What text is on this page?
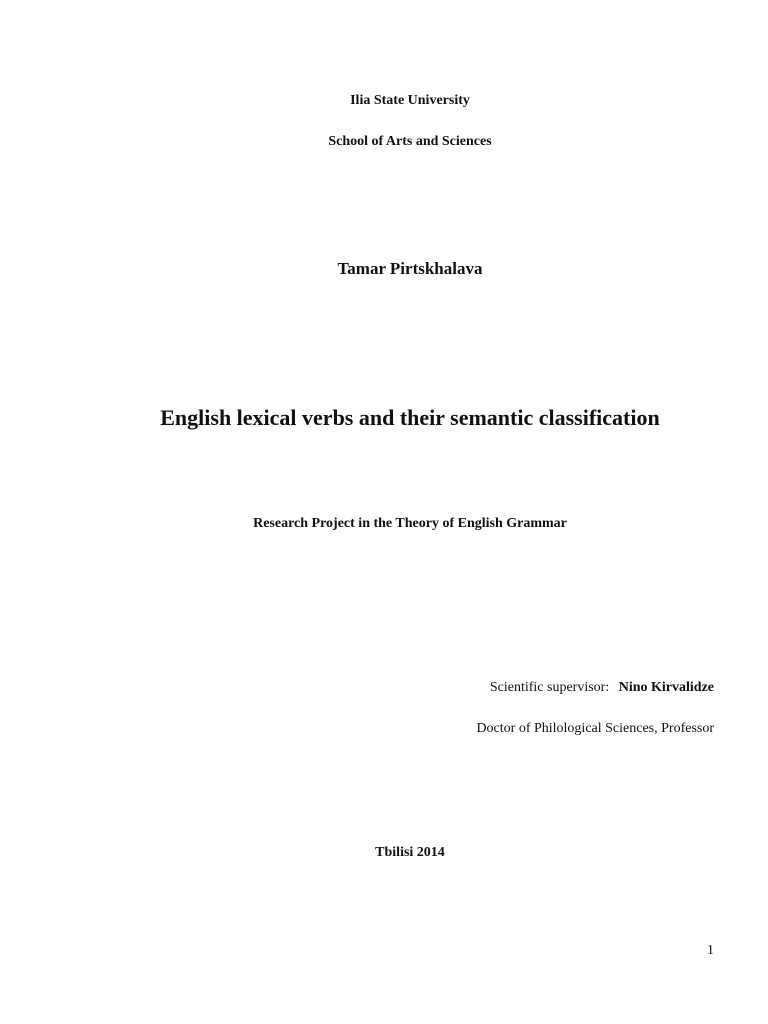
Ilia State University
School of Arts and Sciences
Tamar Pirtskhalava
English lexical verbs and their semantic classification
Research Project in the Theory of English Grammar
Scientific supervisor: Nino Kirvalidze
Doctor of Philological Sciences, Professor
Tbilisi 2014
1
